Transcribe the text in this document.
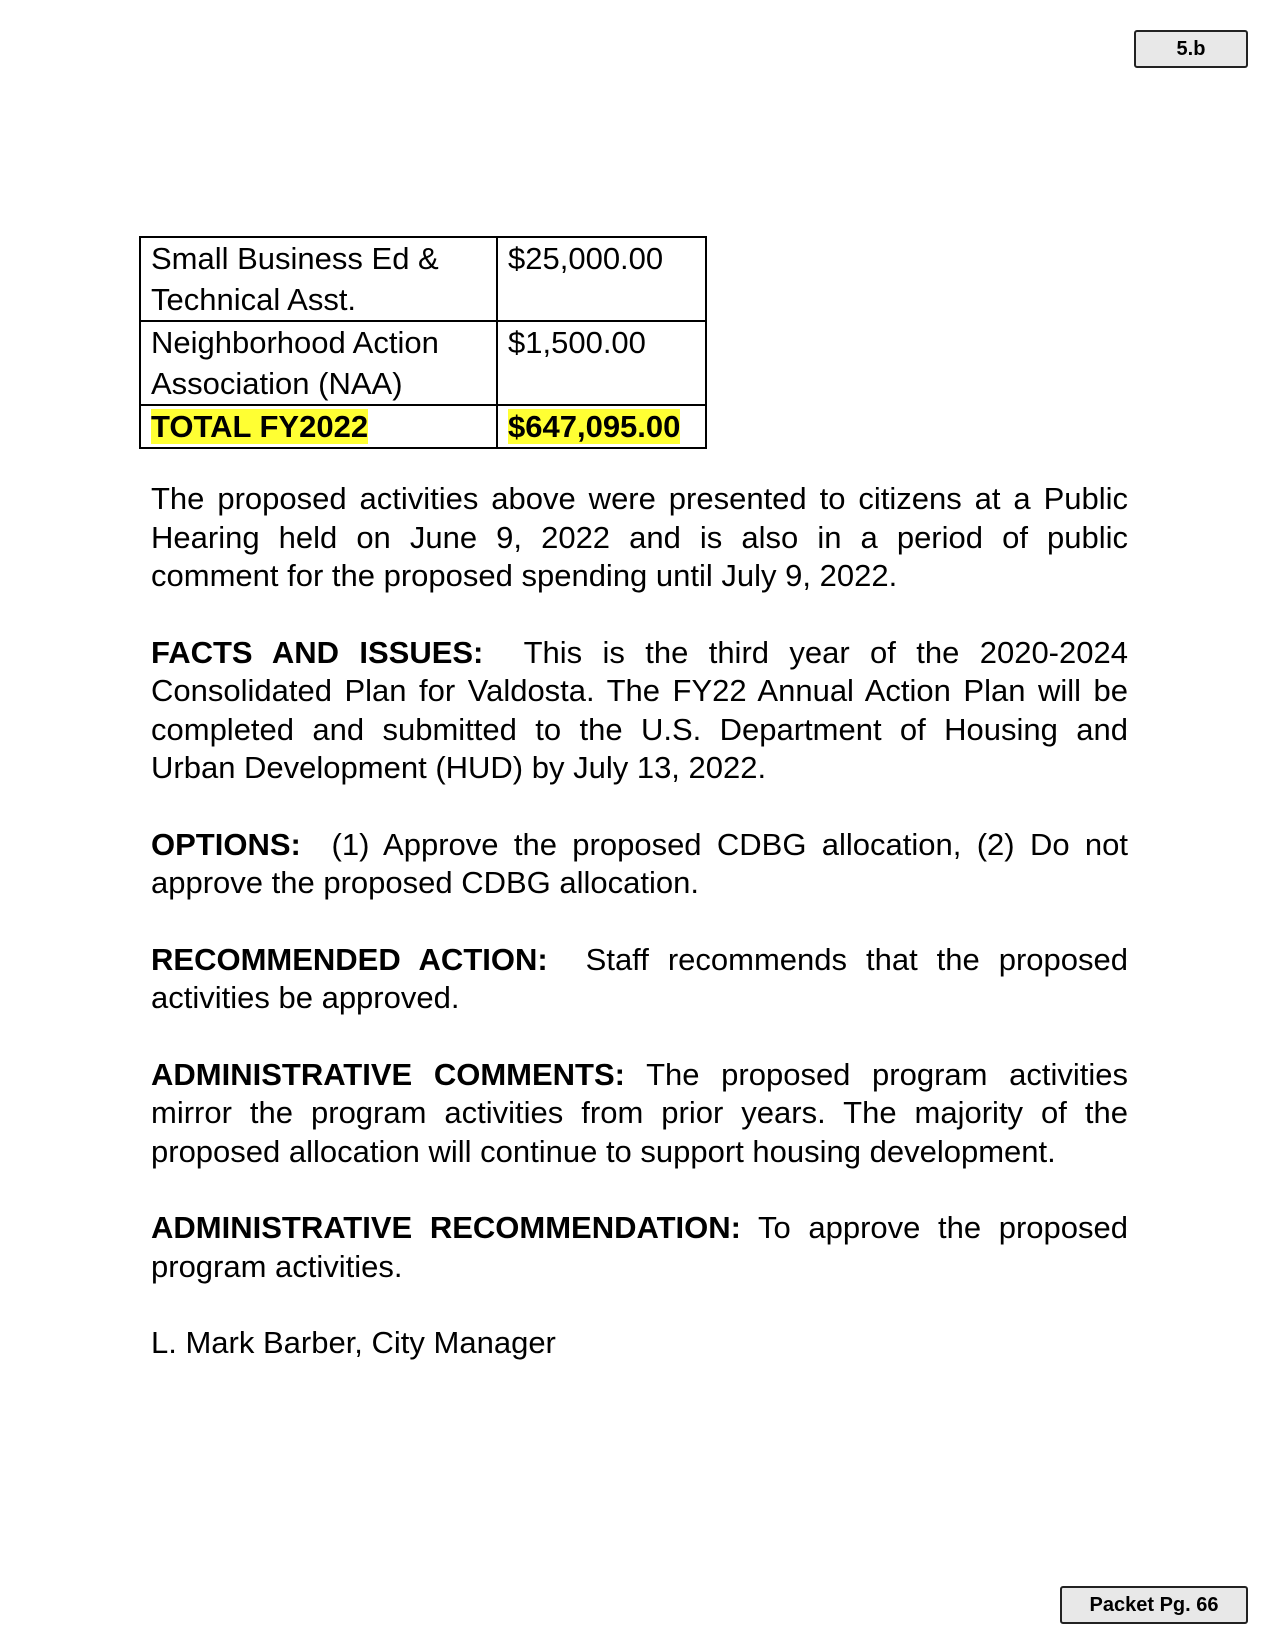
5.b
Small Business Ed & Technical Asst.	$25,000.00
Neighborhood Action Association (NAA)	$1,500.00
TOTAL FY2022	$647,095.00

The proposed activities above were presented to citizens at a Public Hearing held on June 9, 2022 and is also in a period of public comment for the proposed spending until July 9, 2022.

FACTS AND ISSUES: This is the third year of the 2020-2024 Consolidated Plan for Valdosta. The FY22 Annual Action Plan will be completed and submitted to the U.S. Department of Housing and Urban Development (HUD) by July 13, 2022.

OPTIONS: (1) Approve the proposed CDBG allocation, (2) Do not approve the proposed CDBG allocation.

RECOMMENDED ACTION: Staff recommends that the proposed activities be approved.

ADMINISTRATIVE COMMENTS: The proposed program activities mirror the program activities from prior years. The majority of the proposed allocation will continue to support housing development.

ADMINISTRATIVE RECOMMENDATION: To approve the proposed program activities.

L. Mark Barber, City Manager

Packet Pg. 66
